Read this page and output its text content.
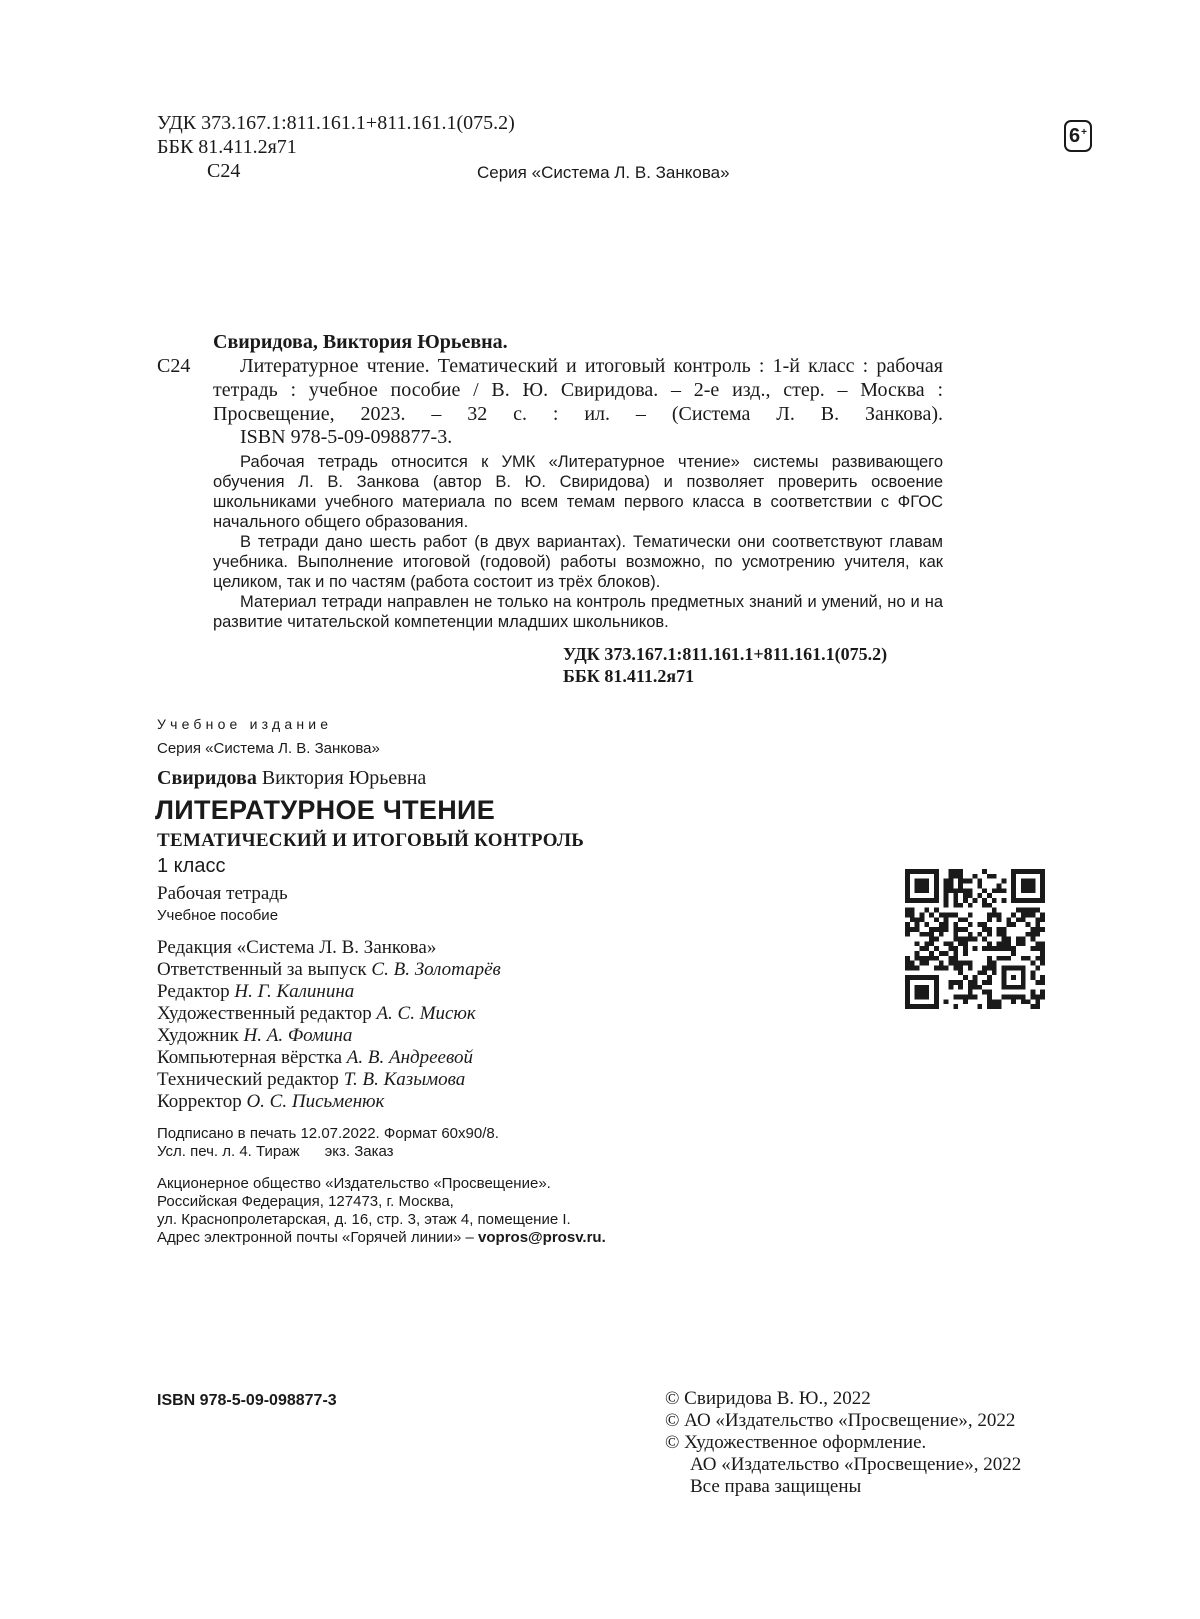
УДК 373.167.1:811.161.1+811.161.1(075.2)
ББК 81.411.2я71
С24	Серия «Система Л. В. Занкова»
6+
Свиридова, Виктория Юрьевна.
С24	Литературное чтение. Тематический и итоговый контроль : 1-й класс : рабочая тетрадь : учебное пособие / В. Ю. Свиридова. – 2-е изд., стер. – Москва : Просвещение, 2023. – 32 с. : ил. – (Система Л. В. Занкова).
ISBN 978-5-09-098877-3.

Рабочая тетрадь относится к УМК «Литературное чтение» системы развивающего обучения Л. В. Занкова (автор В. Ю. Свиридова) и позволяет проверить освоение школьниками учебного материала по всем темам первого класса в соответствии с ФГОС начального общего образования.

В тетради дано шесть работ (в двух вариантах). Тематически они соответствуют главам учебника. Выполнение итоговой (годовой) работы возможно, по усмотрению учителя, как целиком, так и по частям (работа состоит из трёх блоков).

Материал тетради направлен не только на контроль предметных знаний и умений, но и на развитие читательской компетенции младших школьников.

УДК 373.167.1:811.161.1+811.161.1(075.2)
ББК 81.411.2я71
Учебное издание
Серия «Система Л. В. Занкова»
Свиридова Виктория Юрьевна
ЛИТЕРАТУРНОЕ ЧТЕНИЕ
ТЕМАТИЧЕСКИЙ И ИТОГОВЫЙ КОНТРОЛЬ
1 класс
Рабочая тетрадь
Учебное пособие
Редакция «Система Л. В. Занкова»
Ответственный за выпуск С. В. Золотарёв
Редактор Н. Г. Калинина
Художественный редактор А. С. Мисюк
Художник Н. А. Фомина
Компьютерная вёрстка А. В. Андреевой
Технический редактор Т. В. Казымова
Корректор О. С. Письменюк
Подписано в печать 12.07.2022. Формат 60x90/8.
Усл. печ. л. 4. Тираж      экз. Заказ
Акционерное общество «Издательство «Просвещение».
Российская Федерация, 127473, г. Москва,
ул. Краснопролетарская, д. 16, стр. 3, этаж 4, помещение I.
Адрес электронной почты «Горячей линии» – vopros@prosv.ru.
ISBN 978-5-09-098877-3	© Свиридова В. Ю., 2022
© АО «Издательство «Просвещение», 2022
© Художественное оформление.
АО «Издательство «Просвещение», 2022
Все права защищены
